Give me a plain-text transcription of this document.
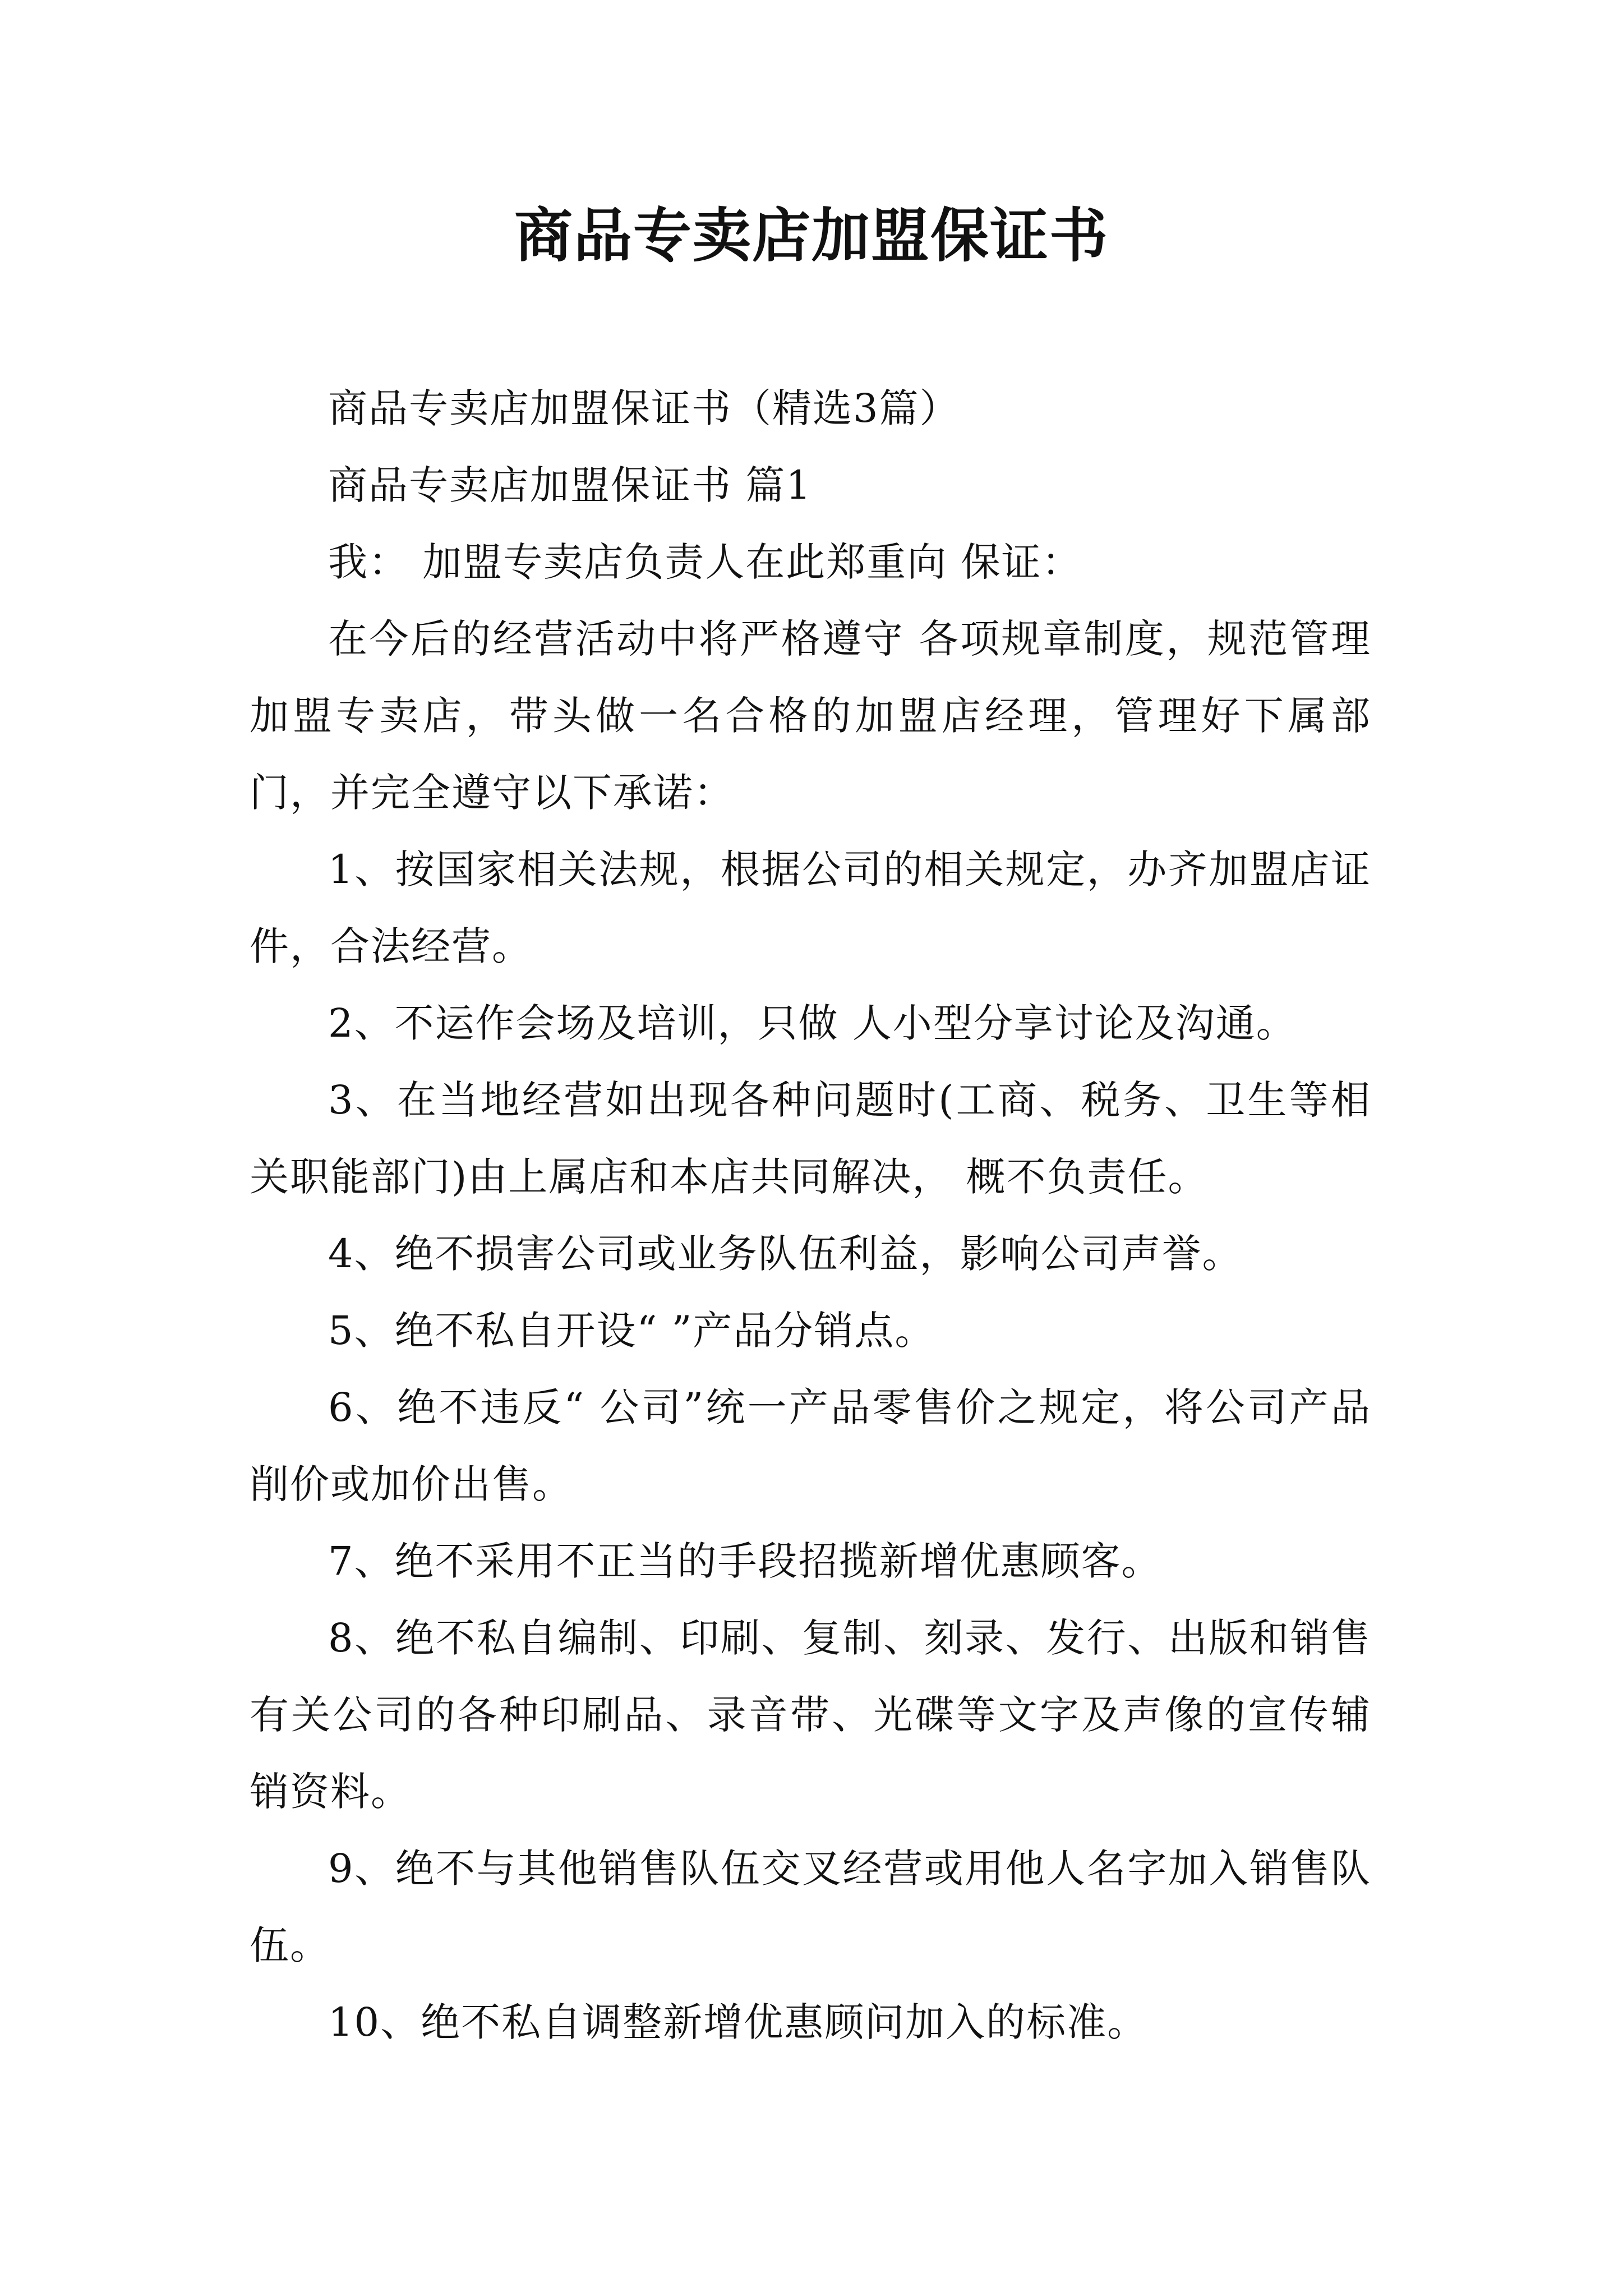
商品专卖店加盟保证书

商品专卖店加盟保证书（精选3篇）

商品专卖店加盟保证书 篇1

我： 加盟专卖店负责人在此郑重向 保证：

在今后的经营活动中将严格遵守 各项规章制度，规范管理加盟专卖店，带头做一名合格的加盟店经理，管理好下属部门，并完全遵守以下承诺：

1、按国家相关法规，根据公司的相关规定，办齐加盟店证件，合法经营。

2、不运作会场及培训，只做 人小型分享讨论及沟通。

3、在当地经营如出现各种问题时(工商、税务、卫生等相关职能部门)由上属店和本店共同解决， 概不负责任。

4、绝不损害公司或业务队伍利益，影响公司声誉。

5、绝不私自开设“ ”产品分销点。

6、绝不违反“ 公司”统一产品零售价之规定，将公司产品削价或加价出售。

7、绝不采用不正当的手段招揽新增优惠顾客。

8、绝不私自编制、印刷、复制、刻录、发行、出版和销售有关公司的各种印刷品、录音带、光碟等文字及声像的宣传辅销资料。

9、绝不与其他销售队伍交叉经营或用他人名字加入销售队伍。

10、绝不私自调整新增优惠顾问加入的标准。
